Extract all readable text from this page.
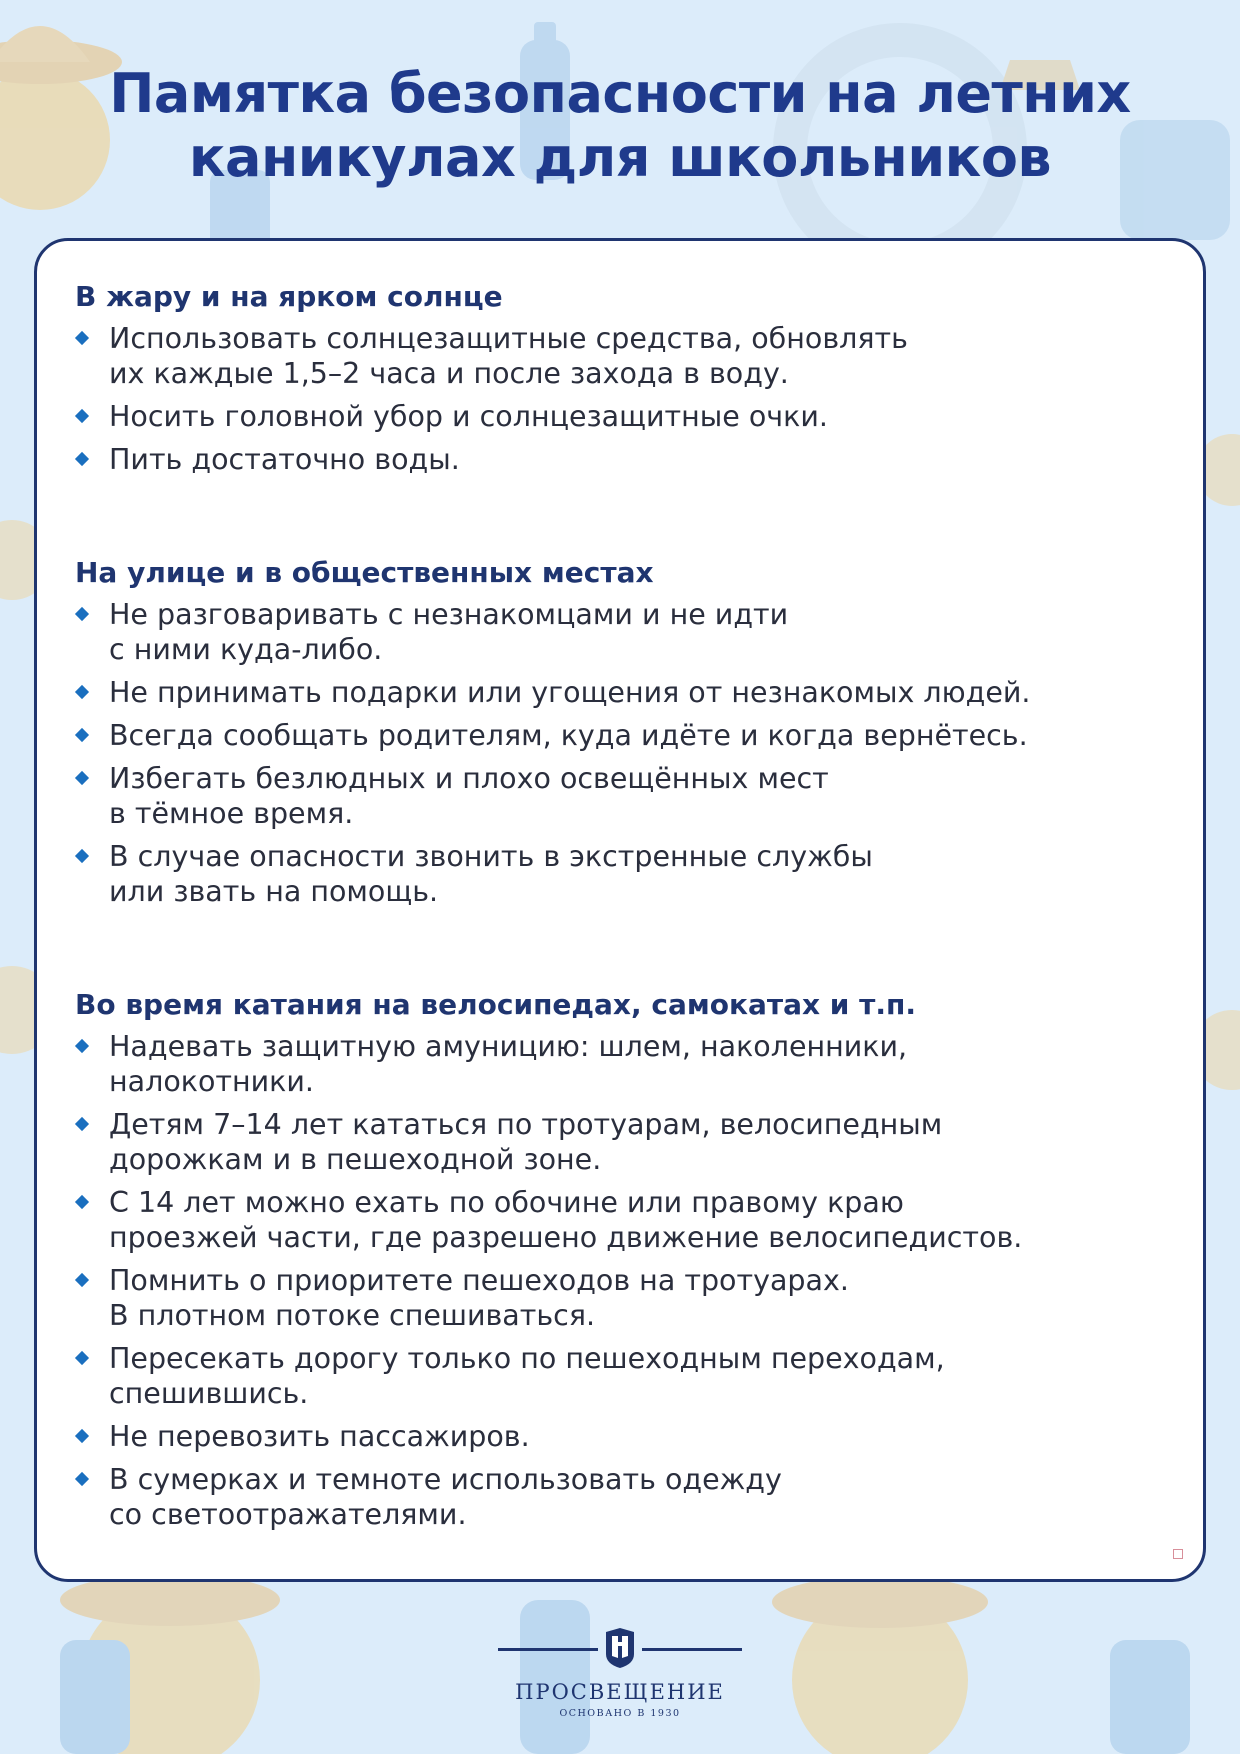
Памятка безопасности на летних
каникулах для школьников
В жару и на ярком солнце
Использовать солнцезащитные средства, обновлять
их каждые 1,5–2 часа и после захода в воду.
Носить головной убор и солнцезащитные очки.
Пить достаточно воды.
На улице и в общественных местах
Не разговаривать с незнакомцами и не идти
с ними куда-либо.
Не принимать подарки или угощения от незнакомых людей.
Всегда сообщать родителям, куда идёте и когда вернётесь.
Избегать безлюдных и плохо освещённых мест
в тёмное время.
В случае опасности звонить в экстренные службы
или звать на помощь.
Во время катания на велосипедах, самокатах и т.п.
Надевать защитную амуницию: шлем, наколенники,
налокотники.
Детям 7–14 лет кататься по тротуарам, велосипедным
дорожкам и в пешеходной зоне.
С 14 лет можно ехать по обочине или правому краю
проезжей части, где разрешено движение велосипедистов.
Помнить о приоритете пешеходов на тротуарах.
В плотном потоке спешиваться.
Пересекать дорогу только по пешеходным переходам,
спешившись.
Не перевозить пассажиров.
В сумерках и темноте использовать одежду
со светоотражателями.
ПРОСВЕЩЕНИЕ
ОСНОВАНО В 1930
